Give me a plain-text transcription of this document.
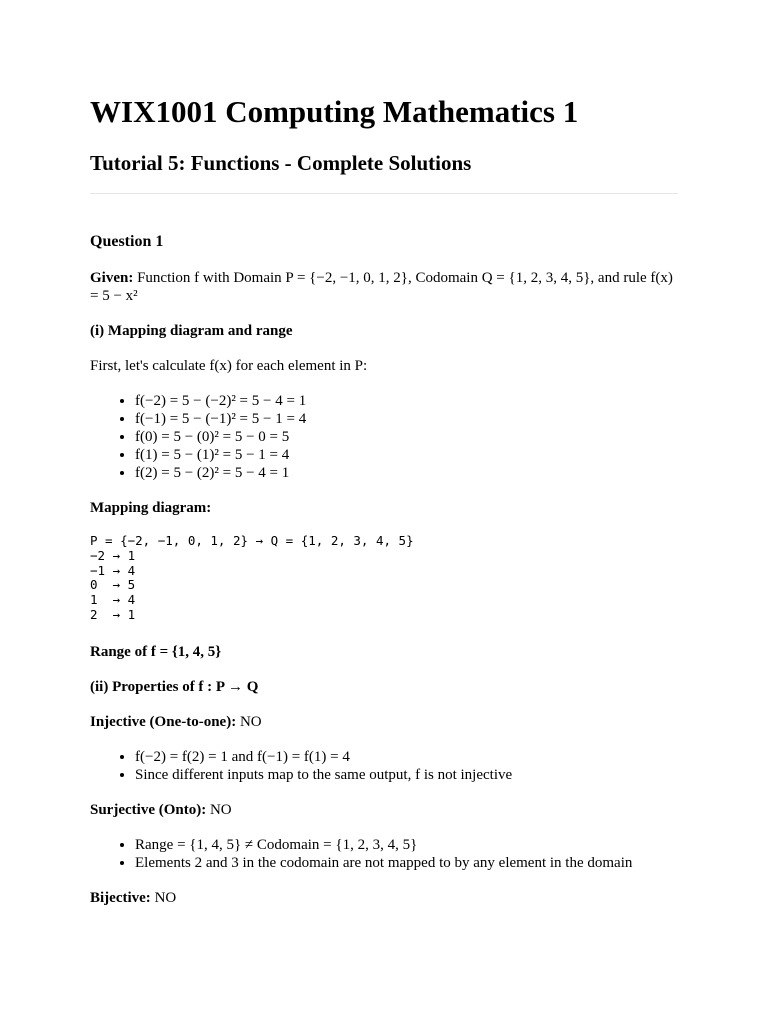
WIX1001 Computing Mathematics 1
Tutorial 5: Functions - Complete Solutions
Question 1

Given: Function f with Domain P = {−2, −1, 0, 1, 2}, Codomain Q = {1, 2, 3, 4, 5}, and rule f(x) = 5 − x²

(i) Mapping diagram and range

First, let's calculate f(x) for each element in P:

• f(−2) = 5 − (−2)² = 5 − 4 = 1
• f(−1) = 5 − (−1)² = 5 − 1 = 4
• f(0) = 5 − (0)² = 5 − 0 = 5
• f(1) = 5 − (1)² = 5 − 1 = 4
• f(2) = 5 − (2)² = 5 − 4 = 1

Mapping diagram:

P = {−2, −1, 0, 1, 2} → Q = {1, 2, 3, 4, 5}
−2 → 1
−1 → 4
0  → 5
1  → 4
2  → 1

Range of f = {1, 4, 5}

(ii) Properties of f : P → Q

Injective (One-to-one): NO

• f(−2) = f(2) = 1 and f(−1) = f(1) = 4
• Since different inputs map to the same output, f is not injective

Surjective (Onto): NO

• Range = {1, 4, 5} ≠ Codomain = {1, 2, 3, 4, 5}
• Elements 2 and 3 in the codomain are not mapped to by any element in the domain

Bijective: NO
